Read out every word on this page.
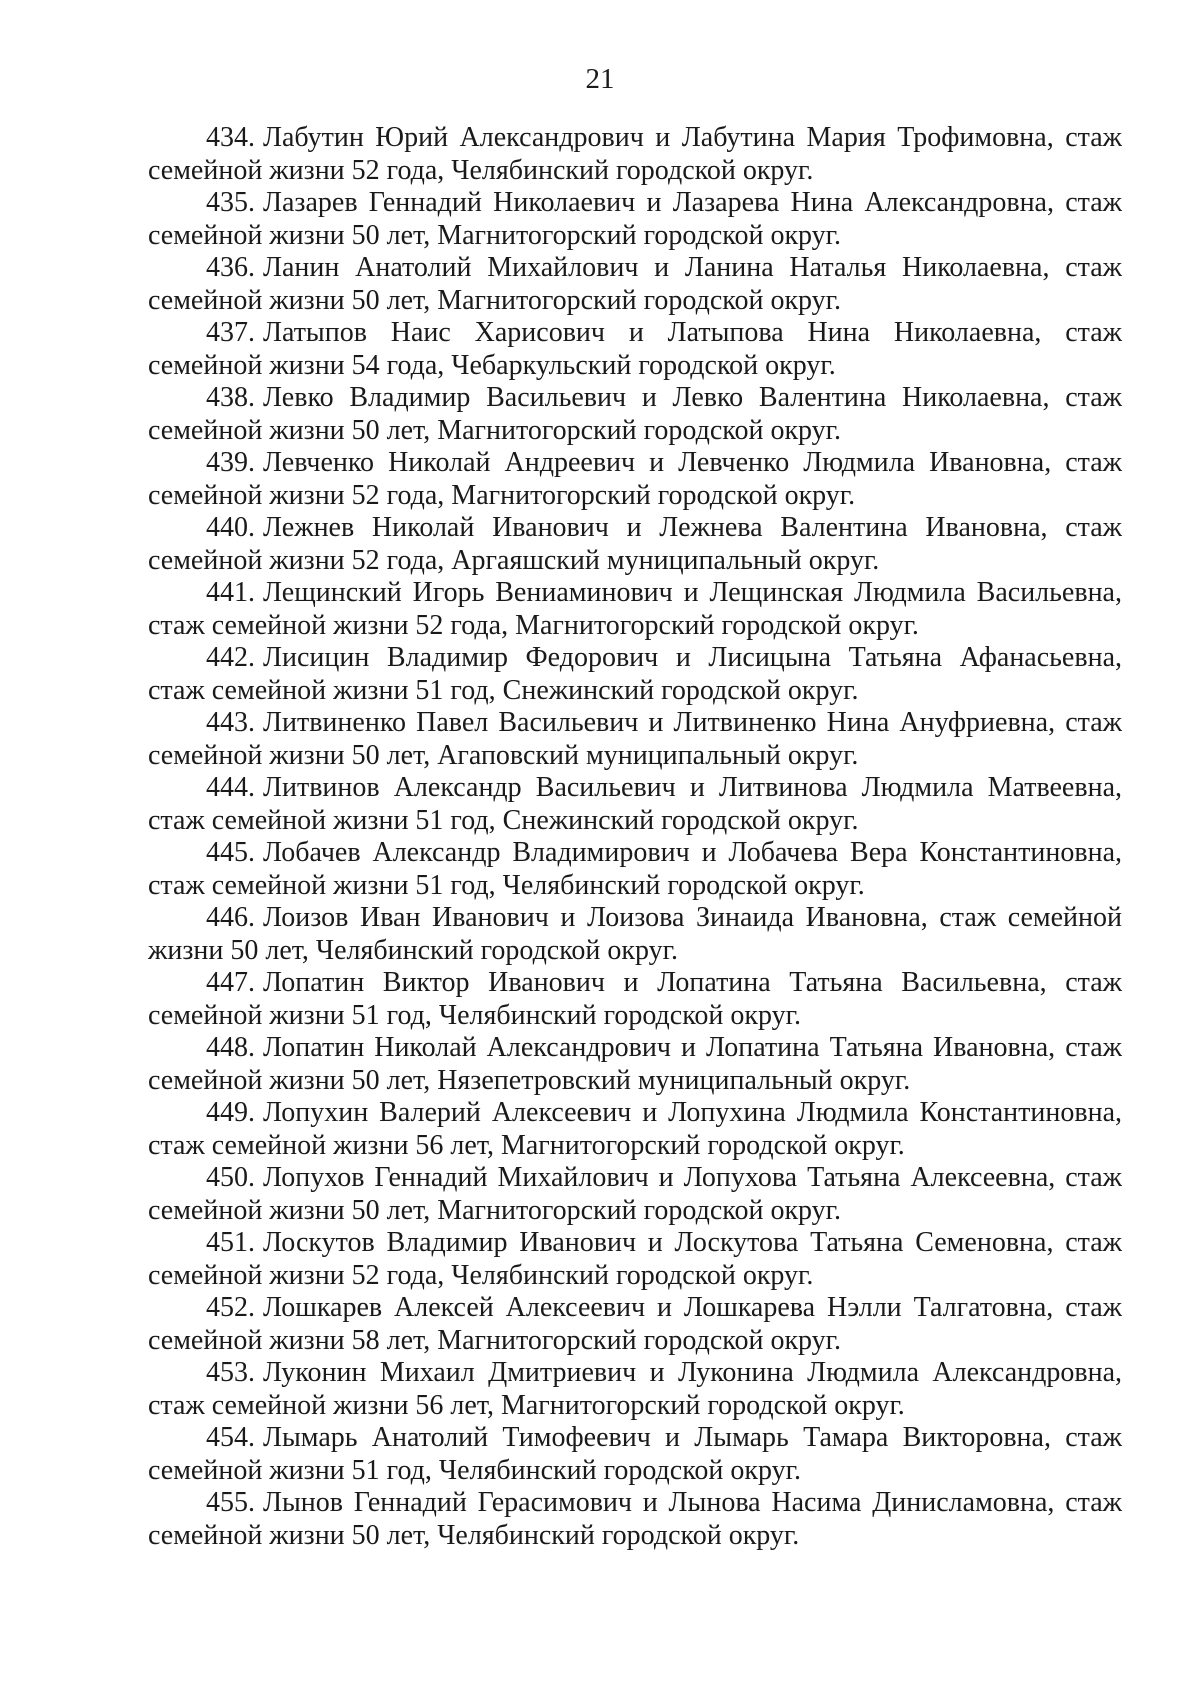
21
434. Лабутин Юрий Александрович и Лабутина Мария Трофимовна, стаж семейной жизни 52 года, Челябинский городской округ.
435. Лазарев Геннадий Николаевич и Лазарева Нина Александровна, стаж семейной жизни 50 лет, Магнитогорский городской округ.
436. Ланин Анатолий Михайлович и Ланина Наталья Николаевна, стаж семейной жизни 50 лет, Магнитогорский городской округ.
437. Латыпов Наис Харисович и Латыпова Нина Николаевна, стаж семейной жизни 54 года, Чебаркульский городской округ.
438. Левко Владимир Васильевич и Левко Валентина Николаевна, стаж семейной жизни 50 лет, Магнитогорский городской округ.
439. Левченко Николай Андреевич и Левченко Людмила Ивановна, стаж семейной жизни 52 года, Магнитогорский городской округ.
440. Лежнев Николай Иванович и Лежнева Валентина Ивановна, стаж семейной жизни 52 года, Аргаяшский муниципальный округ.
441. Лещинский Игорь Вениаминович и Лещинская Людмила Васильевна, стаж семейной жизни 52 года, Магнитогорский городской округ.
442. Лисицин Владимир Федорович и Лисицына Татьяна Афанасьевна, стаж семейной жизни 51 год, Снежинский городской округ.
443. Литвиненко Павел Васильевич и Литвиненко Нина Ануфриевна, стаж семейной жизни 50 лет, Агаповский муниципальный округ.
444. Литвинов Александр Васильевич и Литвинова Людмила Матвеевна, стаж семейной жизни 51 год, Снежинский городской округ.
445. Лобачев Александр Владимирович и Лобачева Вера Константиновна, стаж семейной жизни 51 год, Челябинский городской округ.
446. Лоизов Иван Иванович и Лоизова Зинаида Ивановна, стаж семейной жизни 50 лет, Челябинский городской округ.
447. Лопатин Виктор Иванович и Лопатина Татьяна Васильевна, стаж семейной жизни 51 год, Челябинский городской округ.
448. Лопатин Николай Александрович и Лопатина Татьяна Ивановна, стаж семейной жизни 50 лет, Нязепетровский муниципальный округ.
449. Лопухин Валерий Алексеевич и Лопухина Людмила Константиновна, стаж семейной жизни 56 лет, Магнитогорский городской округ.
450. Лопухов Геннадий Михайлович и Лопухова Татьяна Алексеевна, стаж семейной жизни 50 лет, Магнитогорский городской округ.
451. Лоскутов Владимир Иванович и Лоскутова Татьяна Семеновна, стаж семейной жизни 52 года, Челябинский городской округ.
452. Лошкарев Алексей Алексеевич и Лошкарева Нэлли Талгатовна, стаж семейной жизни 58 лет, Магнитогорский городской округ.
453. Луконин Михаил Дмитриевич и Луконина Людмила Александровна, стаж семейной жизни 56 лет, Магнитогорский городской округ.
454. Лымарь Анатолий Тимофеевич и Лымарь Тамара Викторовна, стаж семейной жизни 51 год, Челябинский городской округ.
455. Лынов Геннадий Герасимович и Лынова Насима Динисламовна, стаж семейной жизни 50 лет, Челябинский городской округ.
